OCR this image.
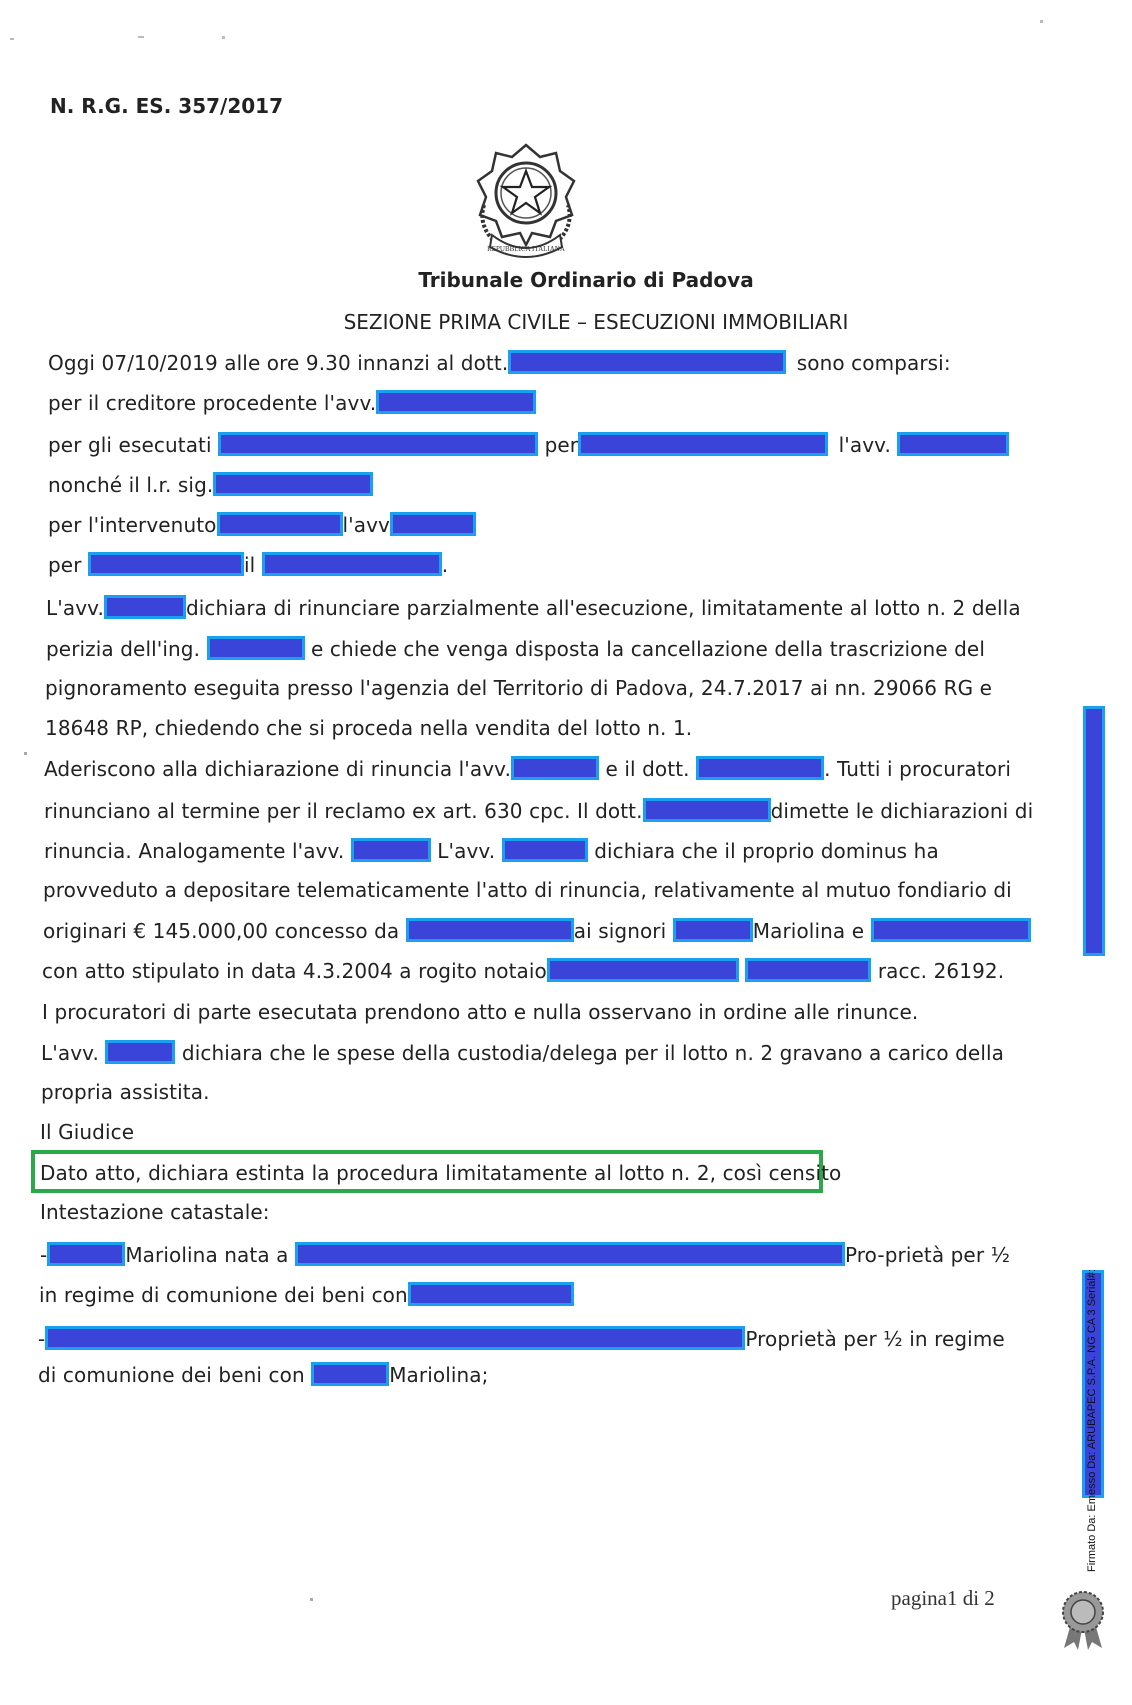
N. R.G. ES. 357/2017
REPUBBLICA ITALIANA
Tribunale Ordinario di Padova
SEZIONE PRIMA CIVILE – ESECUZIONI IMMOBILIARI
Oggi 07/10/2019 alle ore 9.30 innanzi al dott.	sono comparsi:
per il creditore procedente l'avv.
per gli esecutati	per	l'avv.
nonché il l.r. sig.
per l'intervenuto	l'avv
per	il	.
L'avv.	dichiara di rinunciare parzialmente all'esecuzione, limitatamente al lotto n. 2 della
perizia dell'ing.	e chiede che venga disposta la cancellazione della trascrizione del
pignoramento eseguita presso l'agenzia del Territorio di Padova, 24.7.2017 ai nn. 29066 RG e
18648 RP, chiedendo che si proceda nella vendita del lotto n. 1.
Aderiscono alla dichiarazione di rinuncia l'avv.	e il dott.	. Tutti i procuratori
rinunciano al termine per il reclamo ex art. 630 cpc. Il dott.	dimette le dichiarazioni di
rinuncia. Analogamente l'avv.	L'avv.	dichiara che il proprio dominus ha
provveduto a depositare telematicamente l'atto di rinuncia, relativamente al mutuo fondiario di
originari € 145.000,00 concesso da	ai signori	Mariolina e
con atto stipulato in data 4.3.2004 a rogito notaio	racc. 26192.
I procuratori di parte esecutata prendono atto e nulla osservano in ordine alle rinunce.
L'avv.	dichiara che le spese della custodia/delega per il lotto n. 2 gravano a carico della
propria assistita.
Il Giudice
Dato atto, dichiara estinta la procedura limitatamente al lotto n. 2, così censito
Intestazione catastale:
-	Mariolina nata a	Pro-prietà per ½
in regime di comunione dei beni con
-	Proprietà per ½ in regime
di comunione dei beni con	Mariolina;
pagina1 di 2
Firmato Da: Emesso Da: ARUBAPEC S.P.A. NG CA 3 Serial#:
